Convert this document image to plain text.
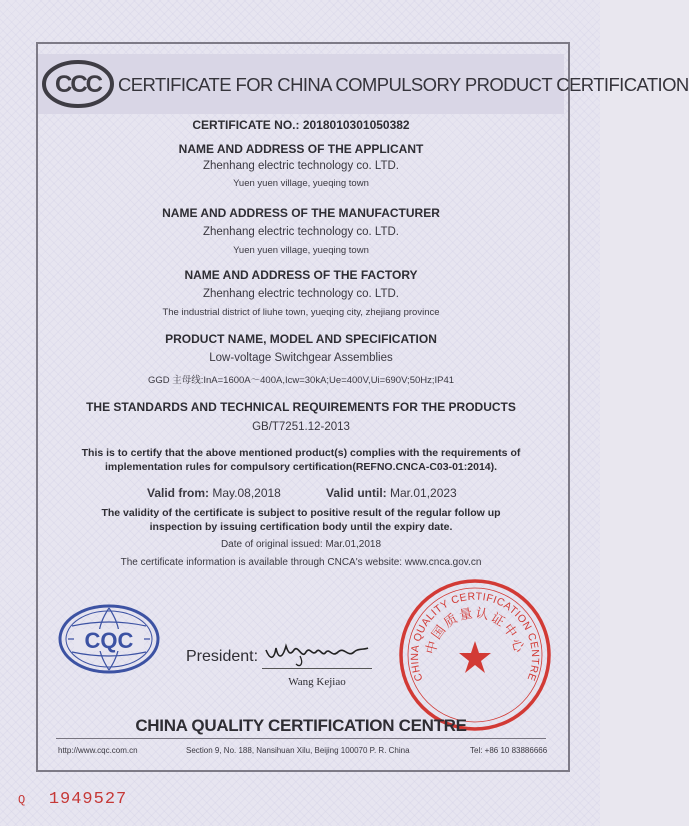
CCC CERTIFICATE FOR CHINA COMPULSORY PRODUCT CERTIFICATION
CERTIFICATE NO.: 2018010301050382
NAME AND ADDRESS OF THE APPLICANT
Zhenhang electric technology co. LTD.
Yuen yuen village, yueqing town
NAME AND ADDRESS OF THE MANUFACTURER
Zhenhang electric technology co. LTD.
Yuen yuen village, yueqing town
NAME AND ADDRESS OF THE FACTORY
Zhenhang electric technology co. LTD.
The industrial district of liuhe town, yueqing city, zhejiang province
PRODUCT NAME, MODEL AND SPECIFICATION
Low-voltage Switchgear Assemblies
GGD 主母线:InA=1600A～400A,Icw=30kA;Ue=400V,Ui=690V;50Hz;IP41
THE STANDARDS AND TECHNICAL REQUIREMENTS FOR THE PRODUCTS
GB/T7251.12-2013
This is to certify that the above mentioned product(s) complies with the requirements of
implementation rules for compulsory certification(REFNO.CNCA-C03-01:2014).
Valid from: May.08,2018	Valid until: Mar.01,2023
The validity of the certificate is subject to positive result of the regular follow up
inspection by issuing certification body until the expiry date.
Date of original issued: Mar.01,2018
The certificate information is available through CNCA's website: www.cnca.gov.cn
CQC
President:
Wang Kejiao	CHINA QUALITY CERTIFICATION CENTRE
中国质量认证中心
CHINA QUALITY CERTIFICATION CENTRE
http://www.cqc.com.cn	Section 9, No. 188, Nansihuan Xilu, Beijing 100070 P. R. China	Tel: +86 10 83886666
Q 1949527
